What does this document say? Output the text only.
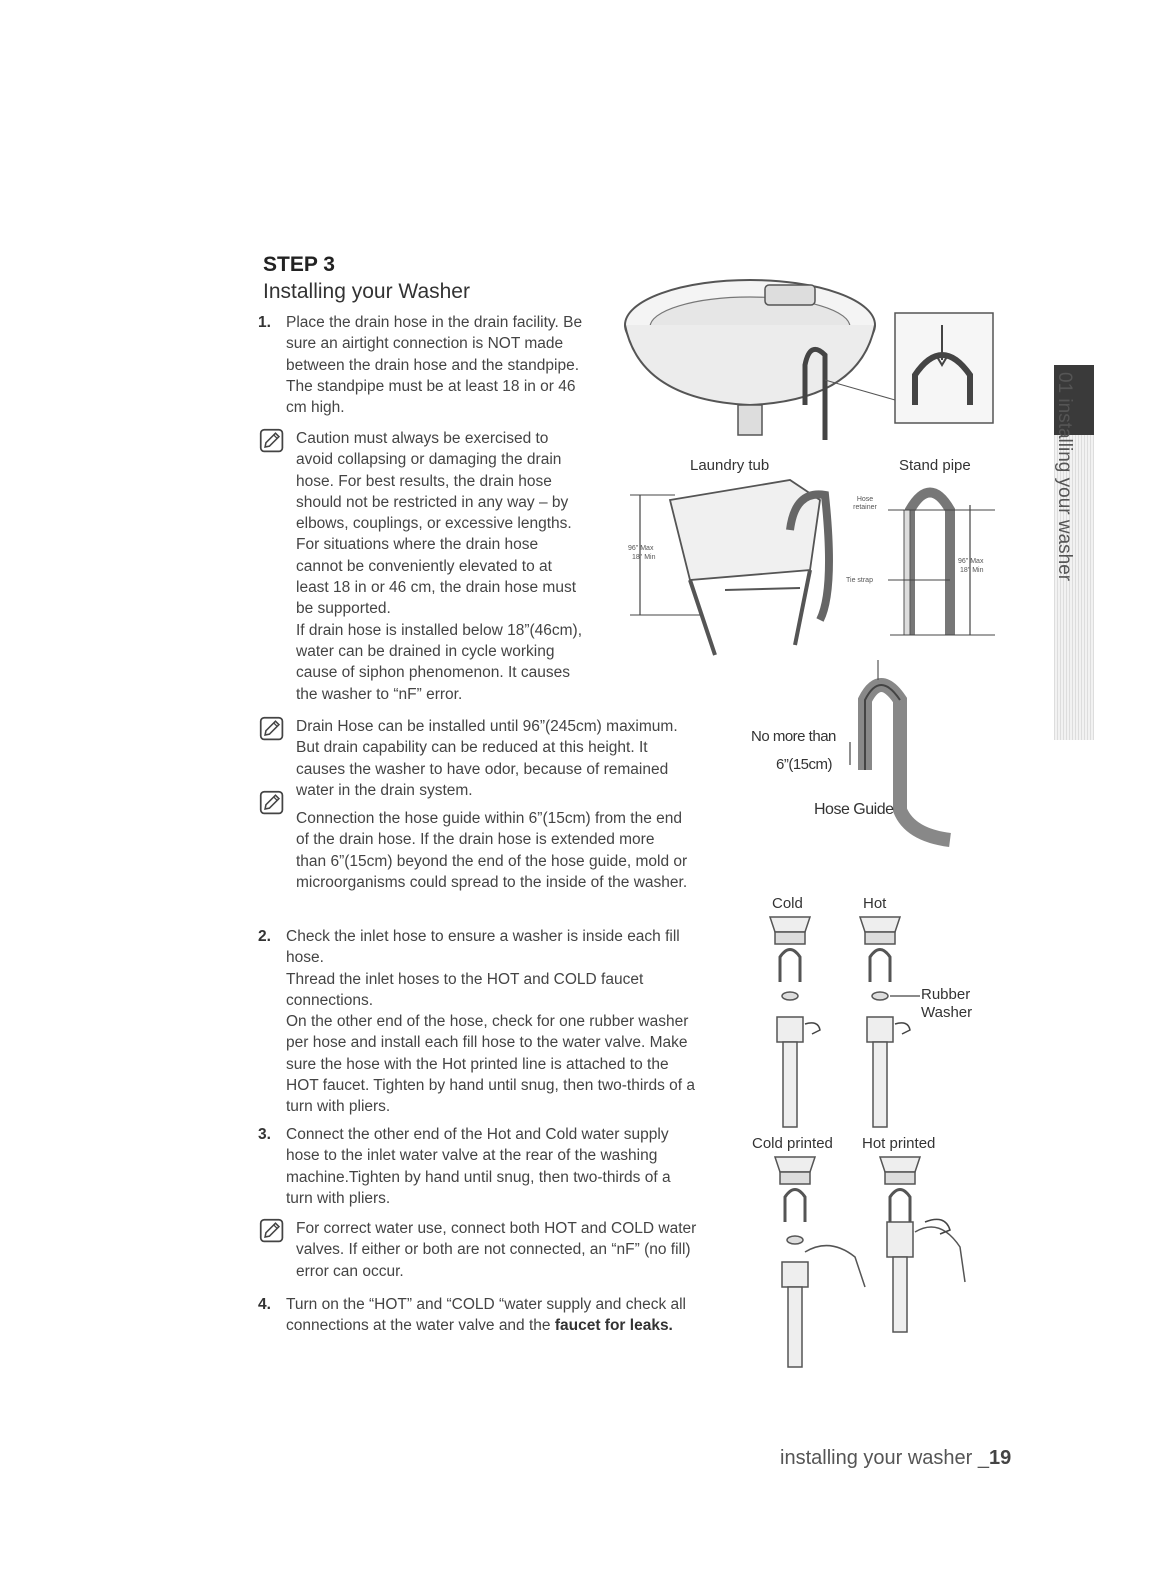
STEP 3
Installing your Washer
1. Place the drain hose in the drain facility. Be
sure an airtight connection is NOT made
between the drain hose and the standpipe.
The standpipe must be at least 18 in or 46
cm high.
Caution must always be exercised to
avoid collapsing or damaging the drain
hose. For best results, the drain hose
should not be restricted in any way – by
elbows, couplings, or excessive lengths.
For situations where the drain hose
cannot be conveniently elevated to at
least 18 in or 46 cm, the drain hose must
be supported.
If drain hose is installed below 18”(46cm),
water can be drained in cycle working
cause of siphon phenomenon. It causes
the washer to “nF” error.
Drain Hose can be installed until 96”(245cm) maximum.
But drain capability can be reduced at this height. It
causes the washer to have odor, because of remained
water in the drain system.
Connection the hose guide within 6”(15cm) from the end
of the drain hose. If the drain hose is extended more
than 6”(15cm) beyond the end of the hose guide, mold or
microorganisms could spread to the inside of the washer.
2. Check the inlet hose to ensure a washer is inside each fill
hose.
Thread the inlet hoses to the HOT and COLD faucet
connections.
On the other end of the hose, check for one rubber washer
per hose and install each fill hose to the water valve. Make
sure the hose with the Hot printed line is attached to the
HOT faucet. Tighten by hand until snug, then two-thirds of a
turn with pliers.
3. Connect the other end of the Hot and Cold water supply
hose to the inlet water valve at the rear of the washing
machine.Tighten by hand until snug, then two-thirds of a
turn with pliers.
For correct water use, connect both HOT and COLD water
valves. If either or both are not connected, an “nF” (no fill)
error can occur.
4. Turn on the “HOT” and “COLD “water supply and check all
connections at the water valve and the faucet for leaks.
Laundry tub	Stand pipe
96" Max
18" Min
Hose retainer
Tie strap
96" Max
18" Min
No more than
6”(15cm)
Hose Guide
Cold	Hot
Rubber
Washer
Cold printed Hot printed
01 installing your washer
installing your washer _19
